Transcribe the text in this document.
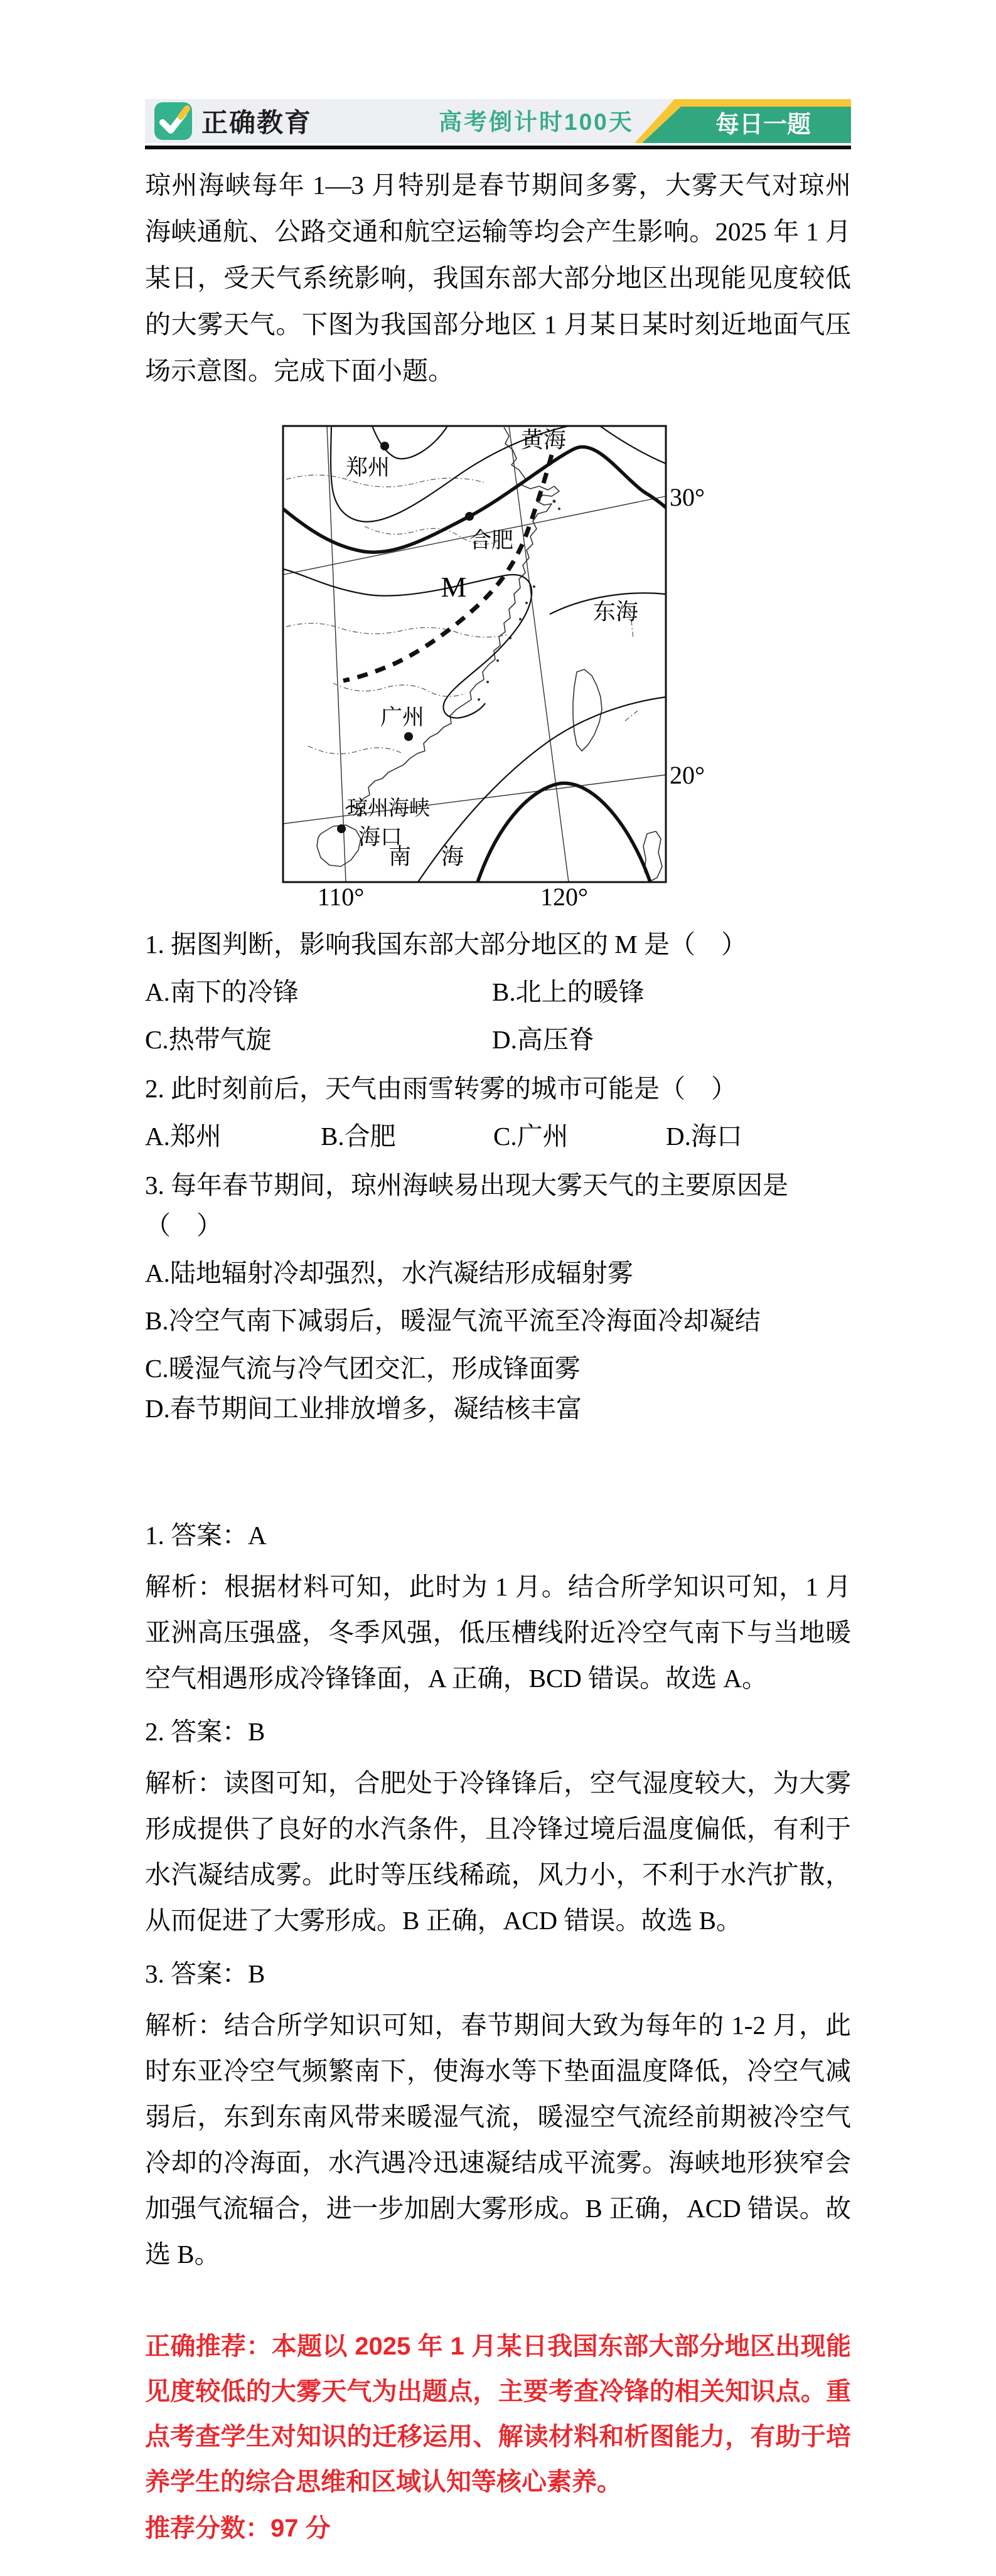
正确教育	高考倒计时100天	每日一题

琼州海峡每年 1—3 月特别是春节期间多雾，大雾天气对琼州海峡通航、公路交通和航空运输等均会产生影响。2025 年 1 月某日，受天气系统影响，我国东部大部分地区出现能见度较低的大雾天气。下图为我国部分地区 1 月某日某时刻近地面气压场示意图。完成下面小题。

郑州
合肥
广州
海口
黄海
东海
南海
琼州海峡
M
30°
20°
110°	120°

1. 据图判断，影响我国东部大部分地区的 M 是（　）

A.南下的冷锋	B.北上的暖锋

C.热带气旋	D.高压脊

2. 此时刻前后，天气由雨雪转雾的城市可能是（　）

A.郑州	B.合肥	C.广州	D.海口

3. 每年春节期间，琼州海峡易出现大雾天气的主要原因是（　）

A.陆地辐射冷却强烈，水汽凝结形成辐射雾

B.冷空气南下减弱后，暖湿气流平流至冷海面冷却凝结

C.暖湿气流与冷气团交汇，形成锋面雾

D.春节期间工业排放增多，凝结核丰富

1. 答案：A

解析：根据材料可知，此时为 1 月。结合所学知识可知，1 月亚洲高压强盛，冬季风强，低压槽线附近冷空气南下与当地暖空气相遇形成冷锋锋面，A 正确，BCD 错误。故选 A。

2. 答案：B

解析：读图可知，合肥处于冷锋锋后，空气湿度较大，为大雾形成提供了良好的水汽条件，且冷锋过境后温度偏低，有利于水汽凝结成雾。此时等压线稀疏，风力小，不利于水汽扩散，从而促进了大雾形成。B 正确，ACD 错误。故选 B。

3. 答案：B

解析：结合所学知识可知，春节期间大致为每年的 1-2 月，此时东亚冷空气频繁南下，使海水等下垫面温度降低，冷空气减弱后，东到东南风带来暖湿气流，暖湿空气流经前期被冷空气冷却的冷海面，水汽遇冷迅速凝结成平流雾。海峡地形狭窄会加强气流辐合，进一步加剧大雾形成。B 正确，ACD 错误。故选 B。

正确推荐：本题以 2025 年 1 月某日我国东部大部分地区出现能见度较低的大雾天气为出题点，主要考查冷锋的相关知识点。重点考查学生对知识的迁移运用、解读材料和析图能力，有助于培养学生的综合思维和区域认知等核心素养。

推荐分数：97 分
